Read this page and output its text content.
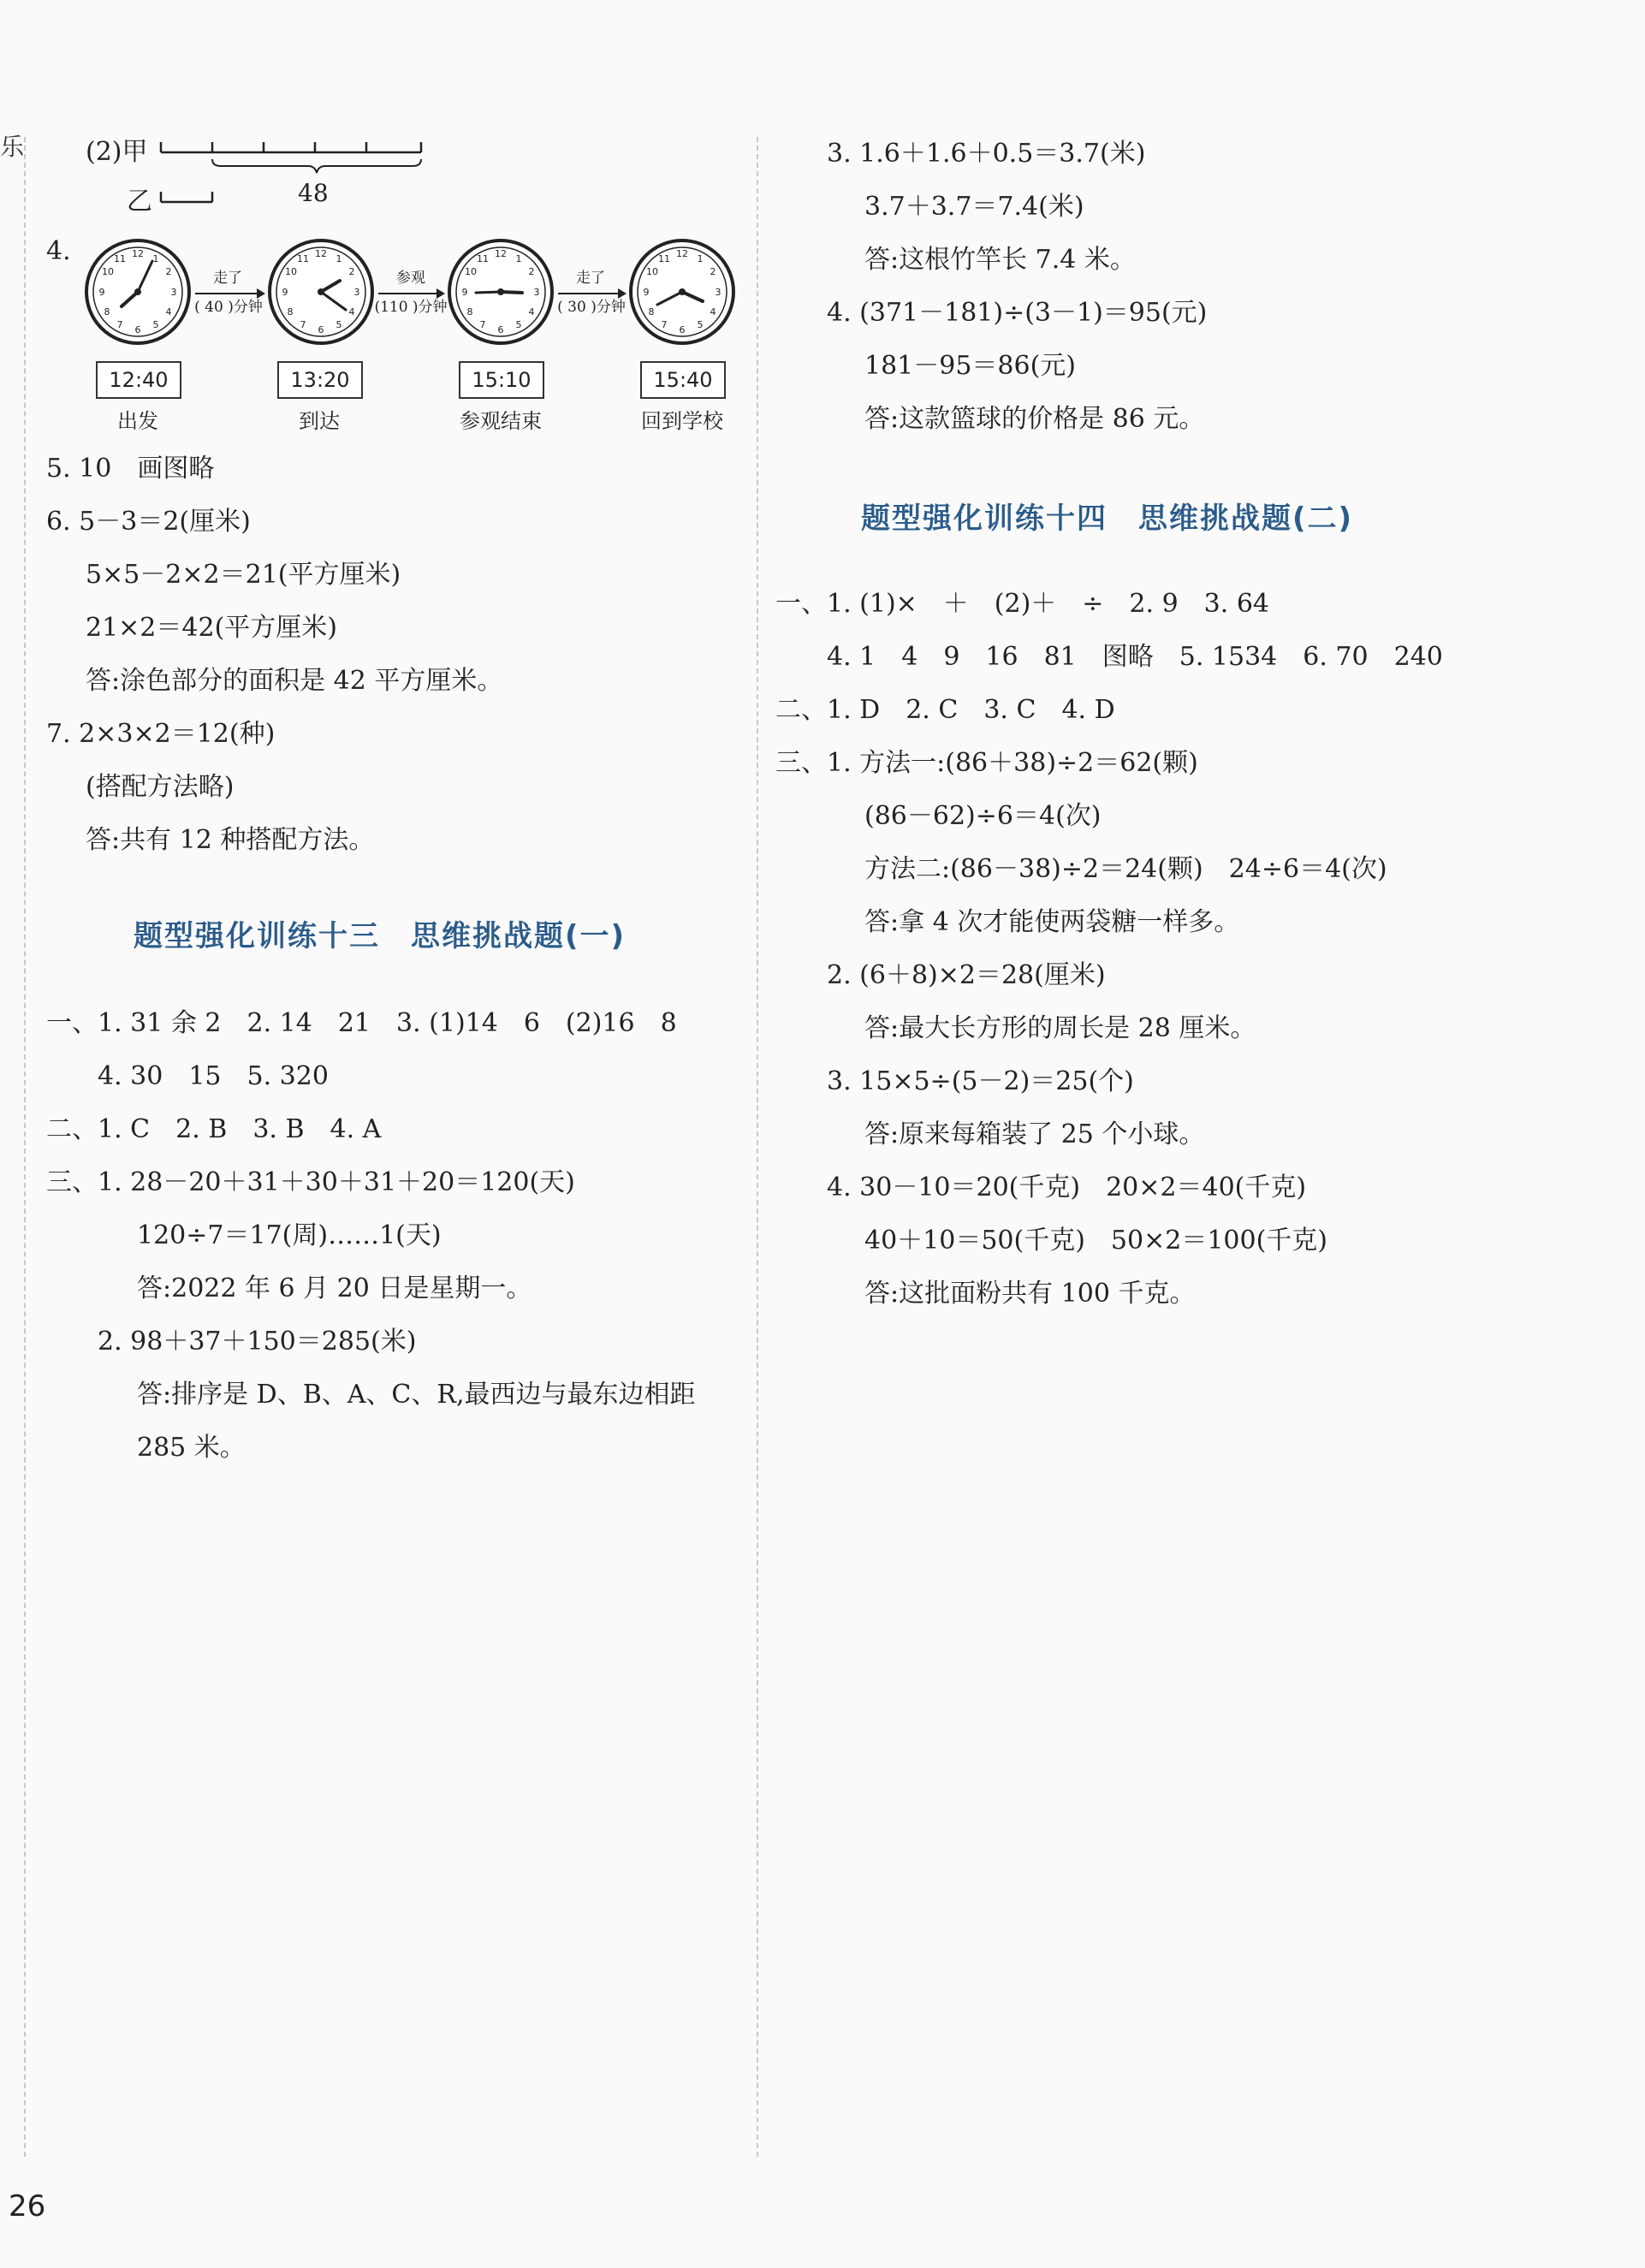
乐 (2)甲
48
乙
4.	12 1
2
3
4
5
6
7
8
9
10
11	12 1
2
3
4
5
6
7
8
9
10
11	12 1
2
3
4
5
6
7
8
9
10
11	12 1
2
3
4
5
6
7
8
9
10
11
走了
( 40 )分钟
参观
(110 )分钟
走了
( 30 )分钟
12:40	13:20	15:10	15:40
出发	到达	参观结束	回到学校
5. 10　画图略
6. 5－3＝2(厘米)
5×5－2×2＝21(平方厘米)
21×2＝42(平方厘米)
答:涂色部分的面积是 42 平方厘米。
7. 2×3×2＝12(种)
(搭配方法略)
答:共有 12 种搭配方法。
题型强化训练十三　思维挑战题(一)
一、1. 31 余 2　2. 14　21　3. (1)14　6　(2)16　8
4. 30　15　5. 320
二、1. C　2. B　3. B　4. A
三、1. 28－20＋31＋30＋31＋20＝120(天)
120÷7＝17(周)……1(天)
答:2022 年 6 月 20 日是星期一。
2. 98＋37＋150＝285(米)
答:排序是 D、B、A、C、R,最西边与最东边相距
285 米。
3. 1.6＋1.6＋0.5＝3.7(米)
3.7＋3.7＝7.4(米)
答:这根竹竿长 7.4 米。
4. (371－181)÷(3－1)＝95(元)
181－95＝86(元)
答:这款篮球的价格是 86 元。
题型强化训练十四　思维挑战题(二)
一、1. (1)×　＋　(2)＋　÷　2. 9　3. 64
4. 1　4　9　16　81　图略　5. 1534　6. 70　240
二、1. D　2. C　3. C　4. D
三、1. 方法一:(86＋38)÷2＝62(颗)
(86－62)÷6＝4(次)
方法二:(86－38)÷2＝24(颗)　24÷6＝4(次)
答:拿 4 次才能使两袋糖一样多。
2. (6＋8)×2＝28(厘米)
答:最大长方形的周长是 28 厘米。
3. 15×5÷(5－2)＝25(个)
答:原来每箱装了 25 个小球。
4. 30－10＝20(千克)　20×2＝40(千克)
40＋10＝50(千克)　50×2＝100(千克)
答:这批面粉共有 100 千克。
26
